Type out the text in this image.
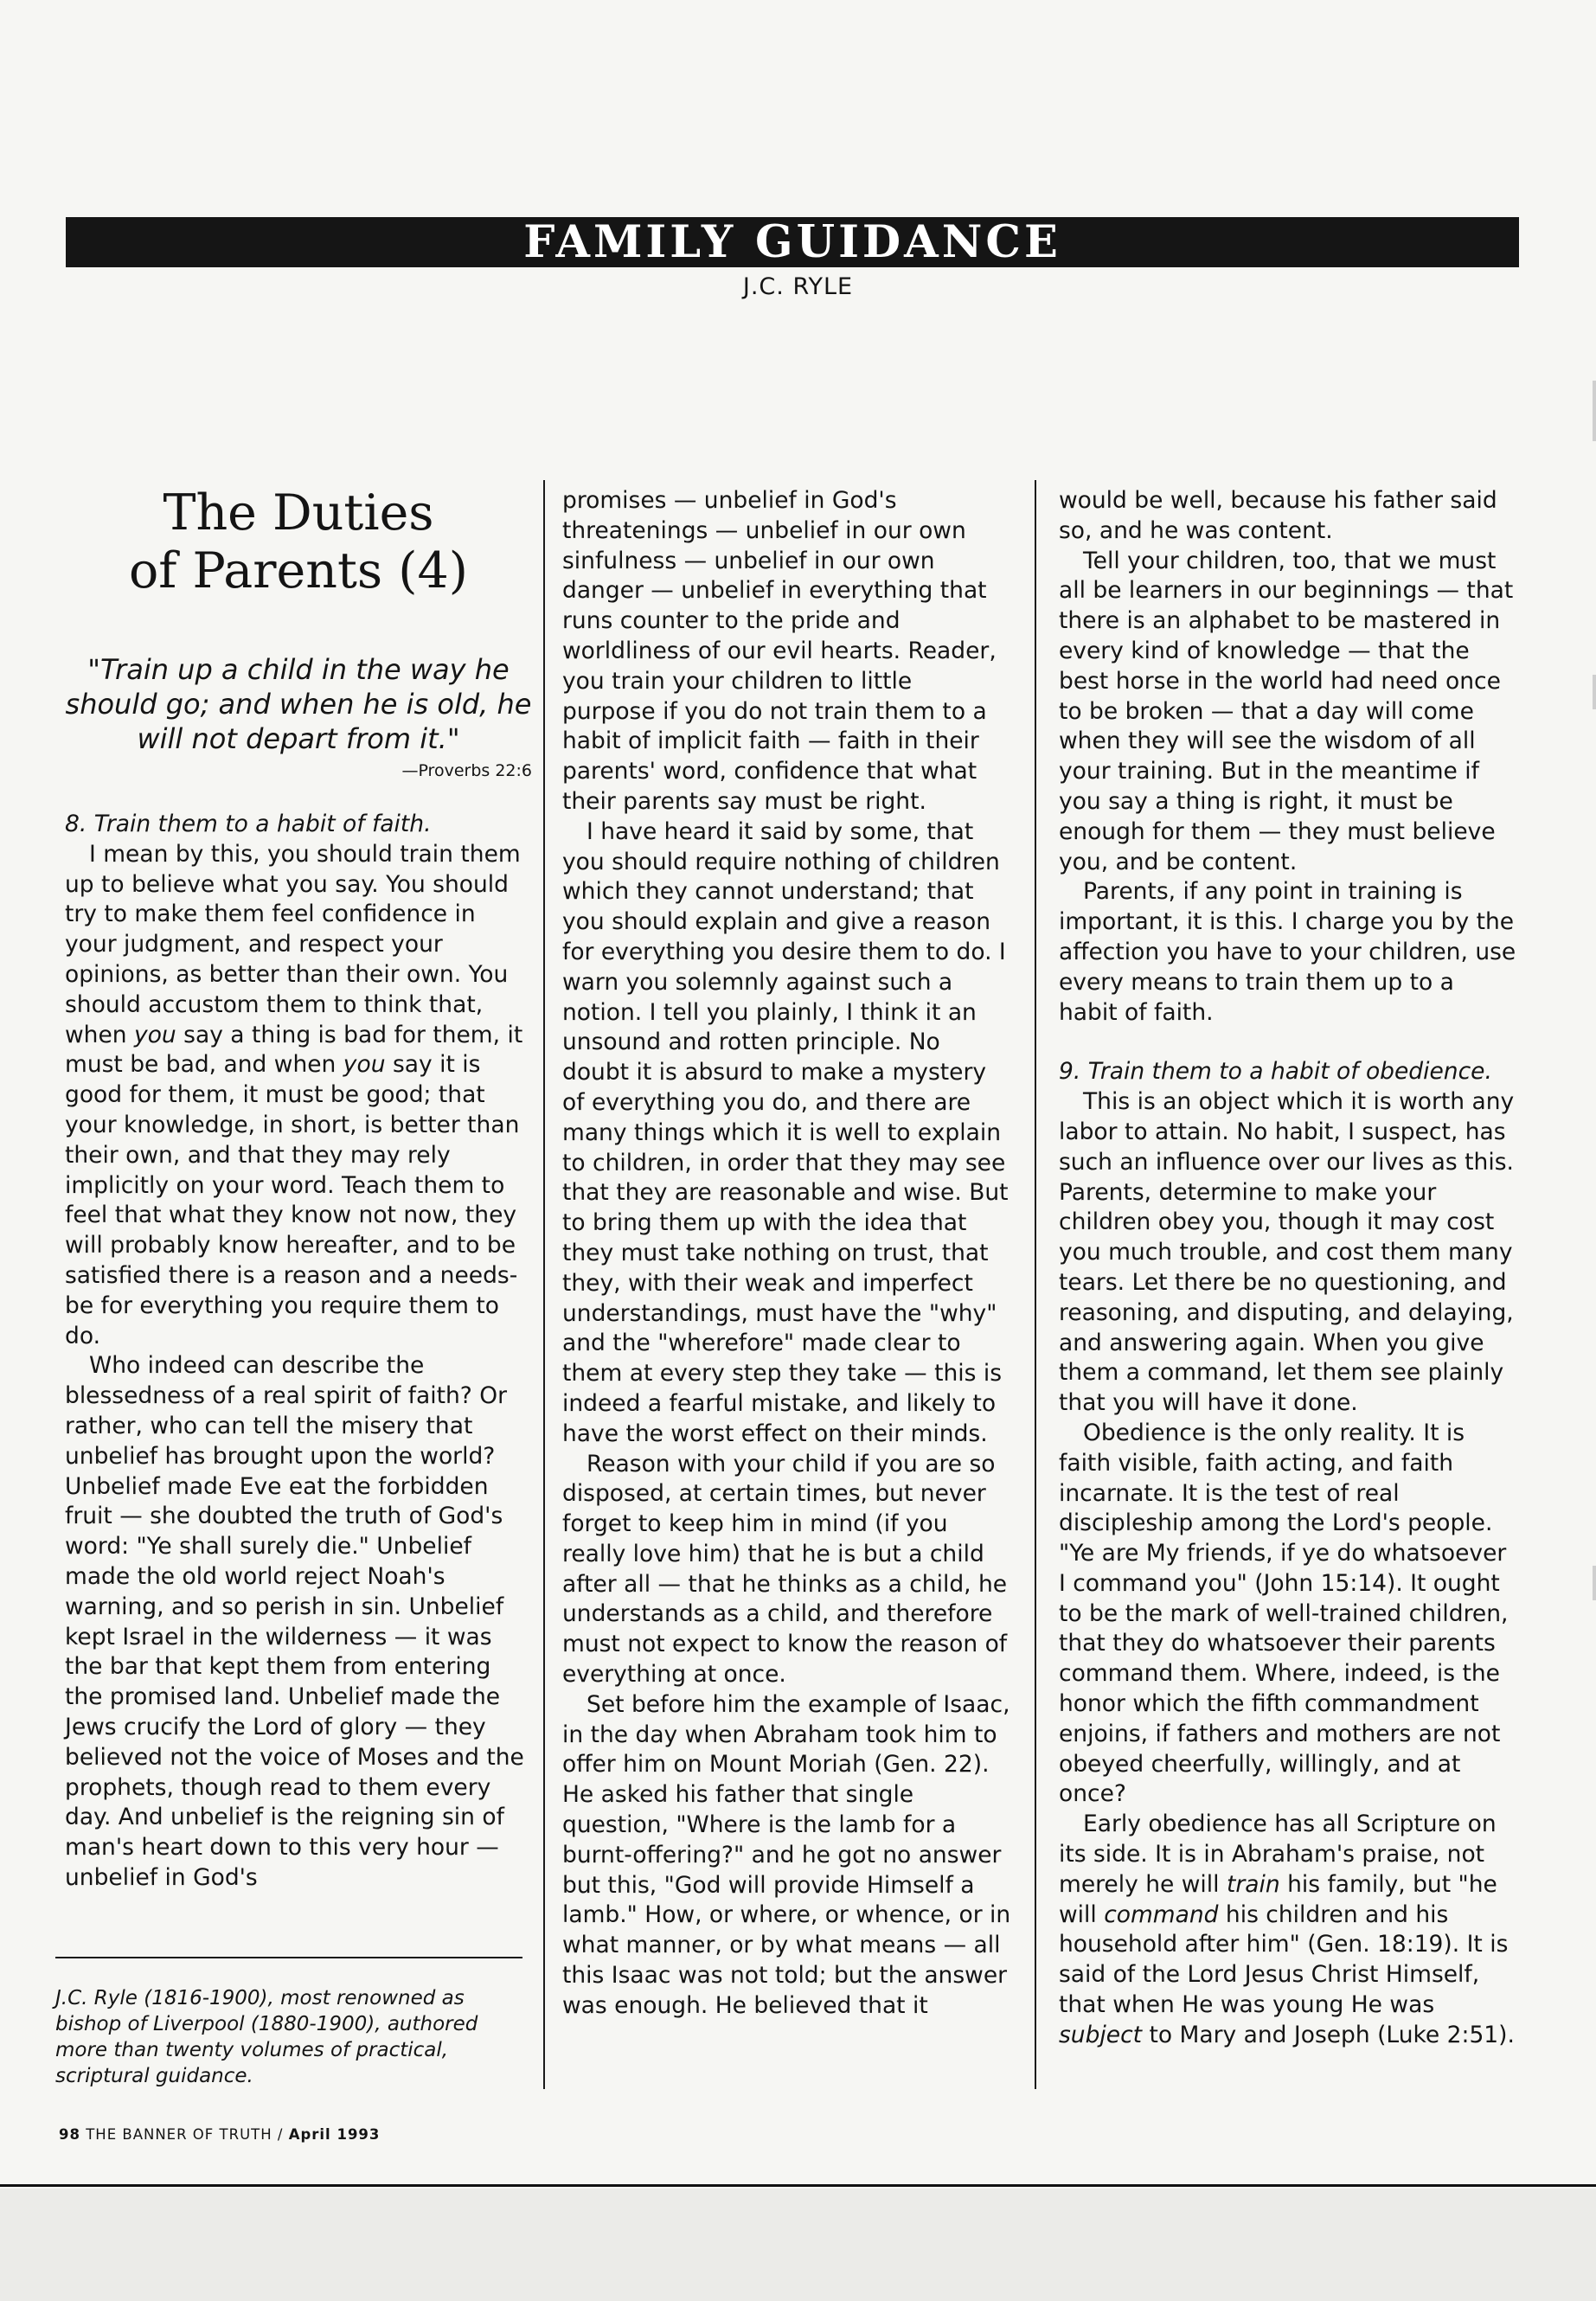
FAMILY GUIDANCE
J.C. RYLE
The Duties
of Parents (4)

"Train up a child in the way he should go; and when he is old, he will not depart from it."

—Proverbs 22:6

8. Train them to a habit of faith.

I mean by this, you should train them up to believe what you say. You should try to make them feel confidence in your judgment, and respect your opinions, as better than their own. You should accustom them to think that, when you say a thing is bad for them, it must be bad, and when you say it is good for them, it must be good; that your knowledge, in short, is better than their own, and that they may rely implicitly on your word. Teach them to feel that what they know not now, they will probably know hereafter, and to be satisfied there is a reason and a needs-be for everything you require them to do.

Who indeed can describe the blessedness of a real spirit of faith? Or rather, who can tell the misery that unbelief has brought upon the world? Unbelief made Eve eat the forbidden fruit — she doubted the truth of God's word: "Ye shall surely die." Unbelief made the old world reject Noah's warning, and so perish in sin. Unbelief kept Israel in the wilderness — it was the bar that kept them from entering the promised land. Unbelief made the Jews crucify the Lord of glory — they believed not the voice of Moses and the prophets, though read to them every day. And unbelief is the reigning sin of man's heart down to this very hour — unbelief in God's

promises — unbelief in God's threatenings — unbelief in our own sinfulness — unbelief in our own danger — unbelief in everything that runs counter to the pride and worldliness of our evil hearts. Reader, you train your children to little purpose if you do not train them to a habit of implicit faith — faith in their parents' word, confidence that what their parents say must be right.

I have heard it said by some, that you should require nothing of children which they cannot understand; that you should explain and give a reason for everything you desire them to do. I warn you solemnly against such a notion. I tell you plainly, I think it an unsound and rotten principle. No doubt it is absurd to make a mystery of everything you do, and there are many things which it is well to explain to children, in order that they may see that they are reasonable and wise. But to bring them up with the idea that they must take nothing on trust, that they, with their weak and imperfect understandings, must have the "why" and the "wherefore" made clear to them at every step they take — this is indeed a fearful mistake, and likely to have the worst effect on their minds.

Reason with your child if you are so disposed, at certain times, but never forget to keep him in mind (if you really love him) that he is but a child after all — that he thinks as a child, he understands as a child, and therefore must not expect to know the reason of everything at once.

Set before him the example of Isaac, in the day when Abraham took him to offer him on Mount Moriah (Gen. 22). He asked his father that single question, "Where is the lamb for a burnt-offering?" and he got no answer but this, "God will provide Himself a lamb." How, or where, or whence, or in what manner, or by what means — all this Isaac was not told; but the answer was enough. He believed that it

would be well, because his father said so, and he was content.

Tell your children, too, that we must all be learners in our beginnings — that there is an alphabet to be mastered in every kind of knowledge — that the best horse in the world had need once to be broken — that a day will come when they will see the wisdom of all your training. But in the meantime if you say a thing is right, it must be enough for them — they must believe you, and be content.

Parents, if any point in training is important, it is this. I charge you by the affection you have to your children, use every means to train them up to a habit of faith.

9. Train them to a habit of obedience.

This is an object which it is worth any labor to attain. No habit, I suspect, has such an influence over our lives as this. Parents, determine to make your children obey you, though it may cost you much trouble, and cost them many tears. Let there be no questioning, and reasoning, and disputing, and delaying, and answering again. When you give them a command, let them see plainly that you will have it done.

Obedience is the only reality. It is faith visible, faith acting, and faith incarnate. It is the test of real discipleship among the Lord's people. "Ye are My friends, if ye do whatsoever I command you" (John 15:14). It ought to be the mark of well-trained children, that they do whatsoever their parents command them. Where, indeed, is the honor which the fifth commandment enjoins, if fathers and mothers are not obeyed cheerfully, willingly, and at once?

Early obedience has all Scripture on its side. It is in Abraham's praise, not merely he will train his family, but "he will command his children and his household after him" (Gen. 18:19). It is said of the Lord Jesus Christ Himself, that when He was young He was subject to Mary and Joseph (Luke 2:51).

J.C. Ryle (1816-1900), most renowned as bishop of Liverpool (1880-1900), authored more than twenty volumes of practical, scriptural guidance.

98 THE BANNER OF TRUTH / April 1993
